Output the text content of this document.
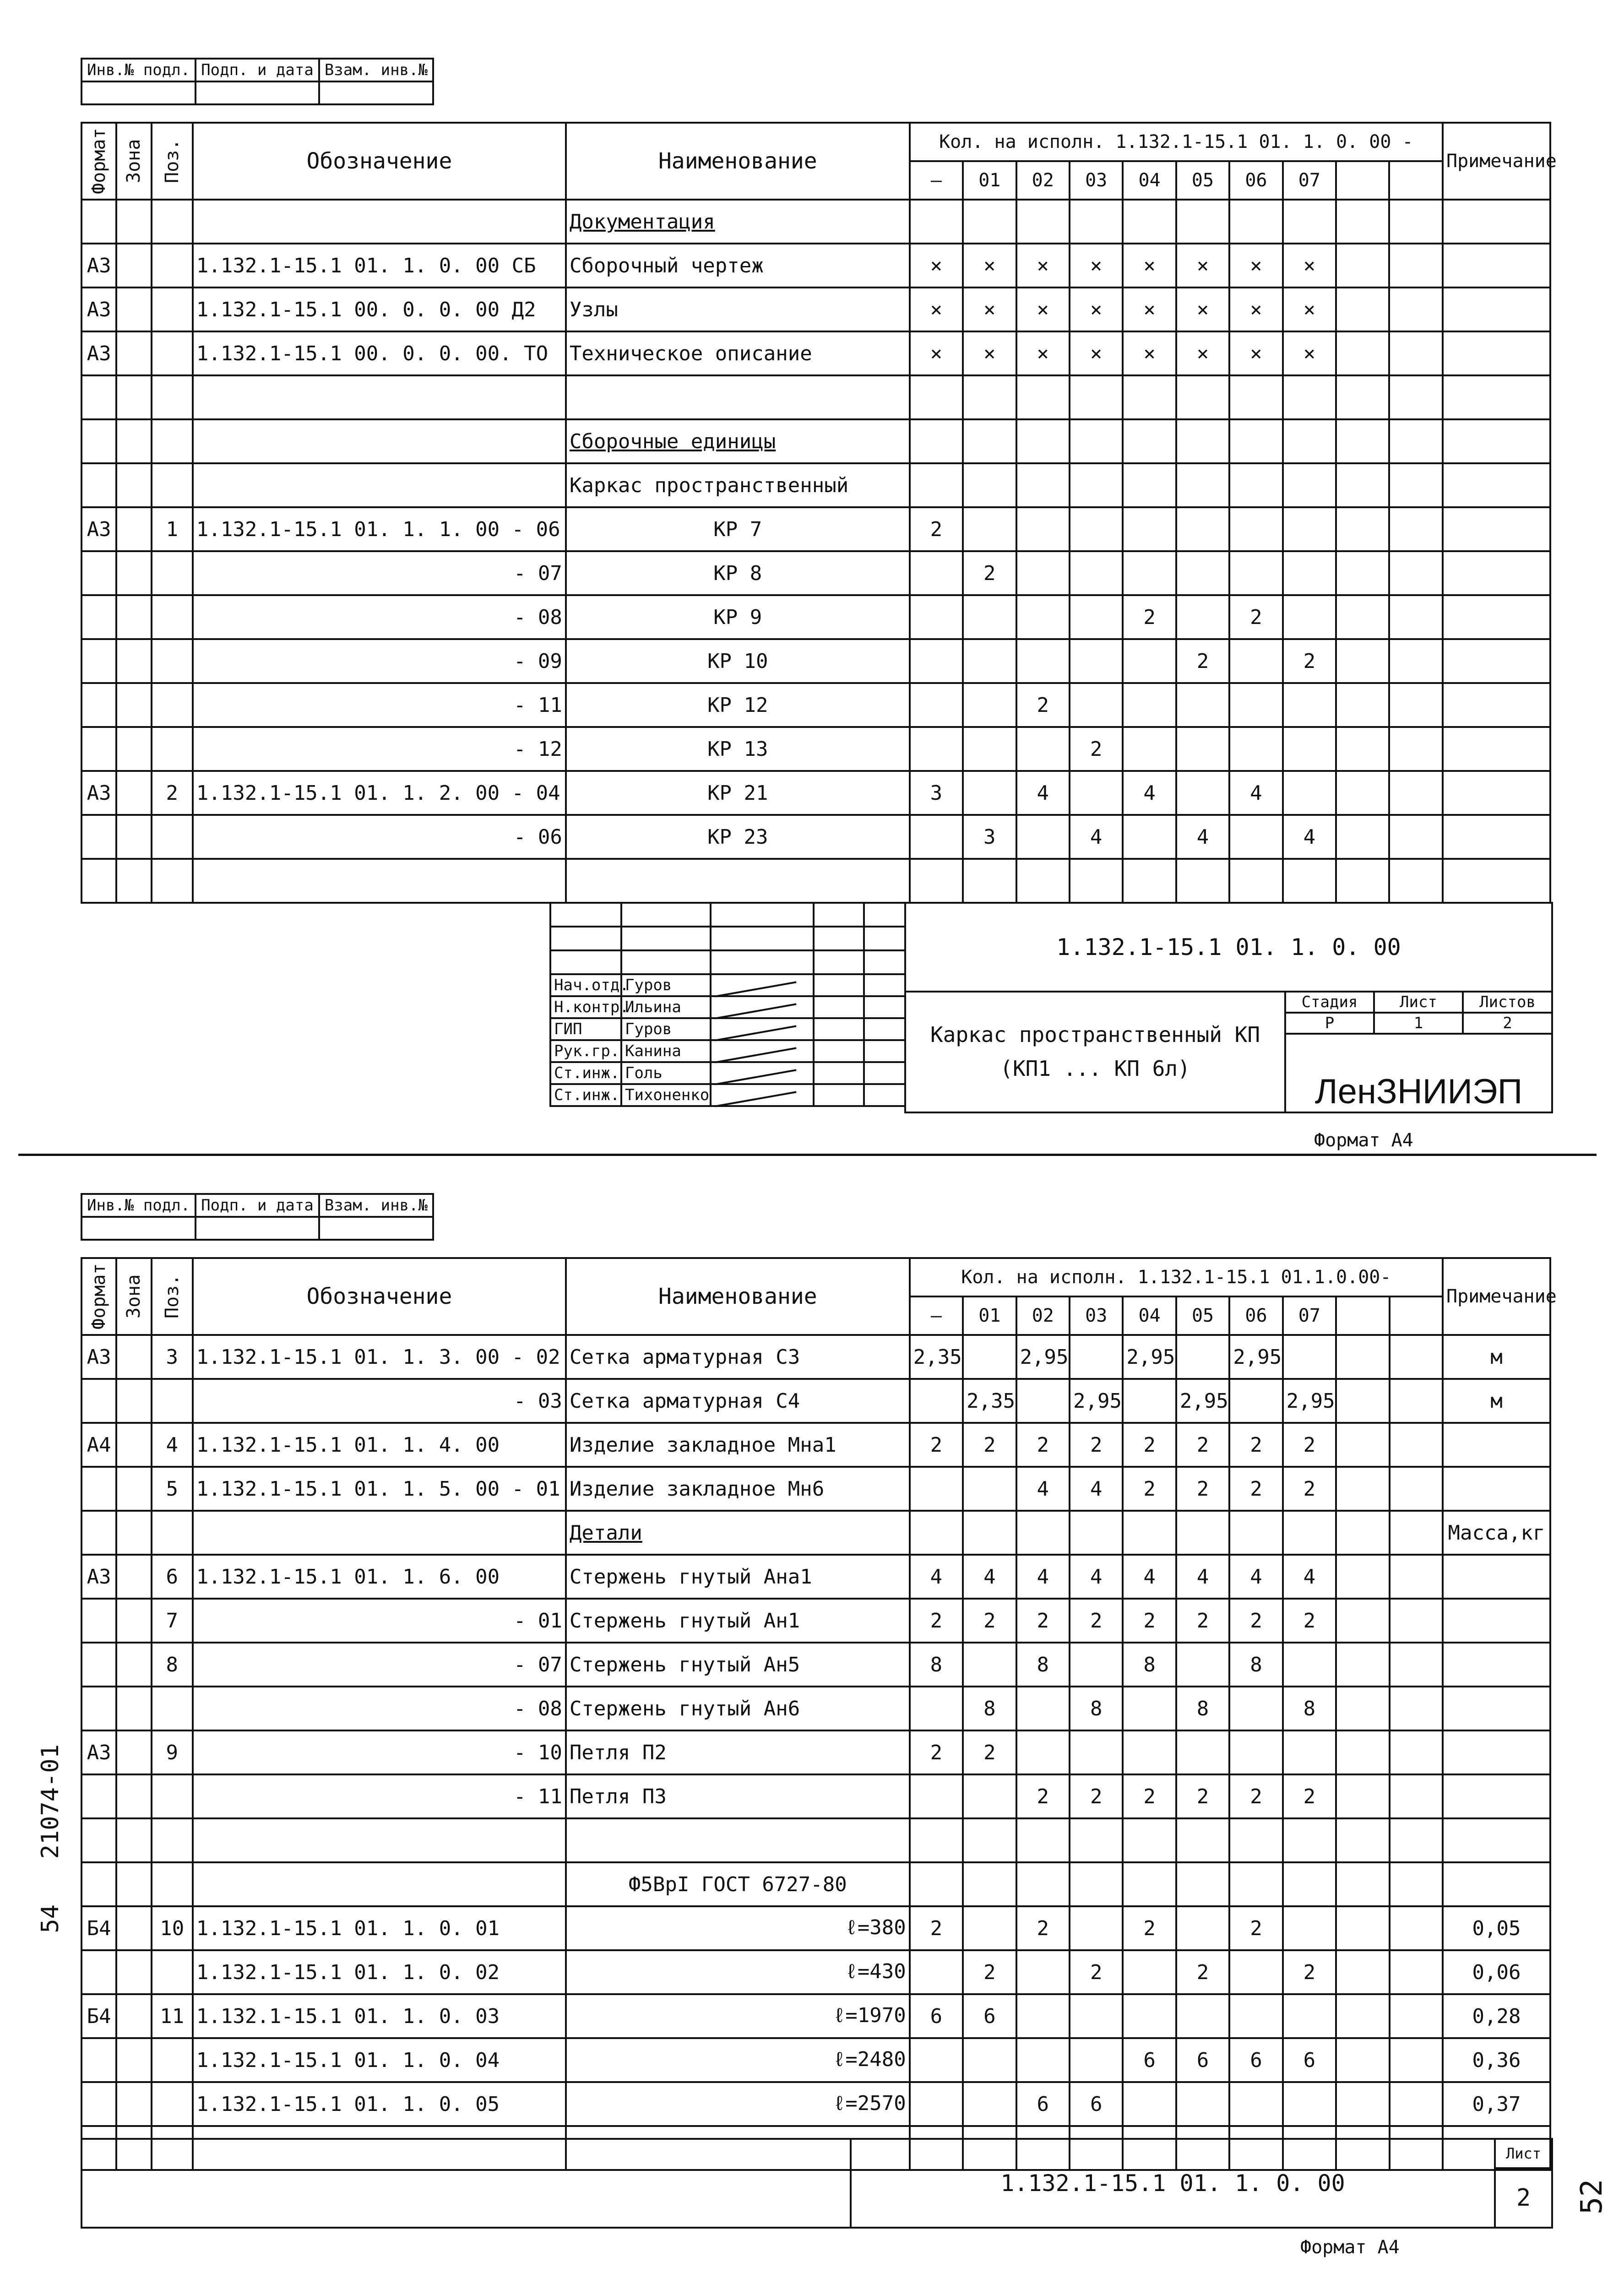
Инв.№ подл.	Подп. и дата	Взам. инв.№

Формат	Зона	Поз.	Обозначение	Наименование	Кол. на исполн. 1.132.1-15.1 01. 1. 0. 00 -										Примечание
					—	01	02	03	04	05	06	07			
				Документация											
А3			1.132.1-15.1 01. 1. 0. 00 СБ	Сборочный чертеж	×	×	×	×	×	×	×	×			
А3			1.132.1-15.1 00. 0. 0. 00 Д2	Узлы	×	×	×	×	×	×	×	×			
А3			1.132.1-15.1 00. 0. 0. 00. ТО	Техническое описание	×	×	×	×	×	×	×	×			

				Сборочные единицы											
				Каркас пространственный											
А3		1	1.132.1-15.1 01. 1. 1. 00 - 06	КР 7	2										
			- 07	КР 8		2									
			- 08	КР 9					2		2				
			- 09	КР 10						2		2			
			- 11	КР 12			2								
			- 12	КР 13				2							
А3		2	1.132.1-15.1 01. 1. 2. 00 - 04	КР 21	3		4		4		4				
			- 06	КР 23		3		4		4		4			

Нач.отд.	Гуров			
Н.контр.	Ильина			
ГИП	Гуров			
Рук.гр.	Канина			
Ст.инж.	Голь			
Ст.инж.	Тихоненко			
1.132.1-15.1 01. 1. 0. 00			

Каркас пространственный КП
(КП1 ... КП 6л)	Стадия	Лист	Листов
	Р	1	2
	ЛенЗНИИЭП		
Формат А4
Инв.№ подл.	Подп. и дата	Взам. инв.№

Формат	Зона	Поз.	Обозначение	Наименование	Кол. на исполн. 1.132.1-15.1 01.1.0.00-										Примечание
					—	01	02	03	04	05	06	07			
А3		3	1.132.1-15.1 01. 1. 3. 00 - 02	Сетка арматурная С3	2,35		2,95		2,95		2,95				м
			- 03	Сетка арматурная С4		2,35		2,95		2,95		2,95			м
А4		4	1.132.1-15.1 01. 1. 4. 00	Изделие закладное Мна1	2	2	2	2	2	2	2	2			
		5	1.132.1-15.1 01. 1. 5. 00 - 01	Изделие закладное Мн6			4	4	2	2	2	2			
				Детали											Масса,кг
А3		6	1.132.1-15.1 01. 1. 6. 00	Стержень гнутый Ана1	4	4	4	4	4	4	4	4			
		7	- 01	Стержень гнутый Ан1	2	2	2	2	2	2	2	2			
		8	- 07	Стержень гнутый Ан5	8		8		8		8				
			- 08	Стержень гнутый Ан6		8		8		8		8			
А3		9	- 10	Петля П2	2	2									
			- 11	Петля П3			2	2	2	2	2	2			

				Ф5ВрI ГОСТ 6727-80											
Б4		10	1.132.1-15.1 01. 1. 0. 01	ℓ=380	2		2		2		2				0,05
			1.132.1-15.1 01. 1. 0. 02	ℓ=430		2		2		2		2			0,06
Б4		11	1.132.1-15.1 01. 1. 0. 03	ℓ=1970	6	6									0,28
			1.132.1-15.1 01. 1. 0. 04	ℓ=2480					6	6	6	6			0,36
			1.132.1-15.1 01. 1. 0. 05	ℓ=2570			6	6							0,37

	1.132.1-15.1 01. 1. 0. 00	Лист
2
Формат А4
21074-01
54
52
